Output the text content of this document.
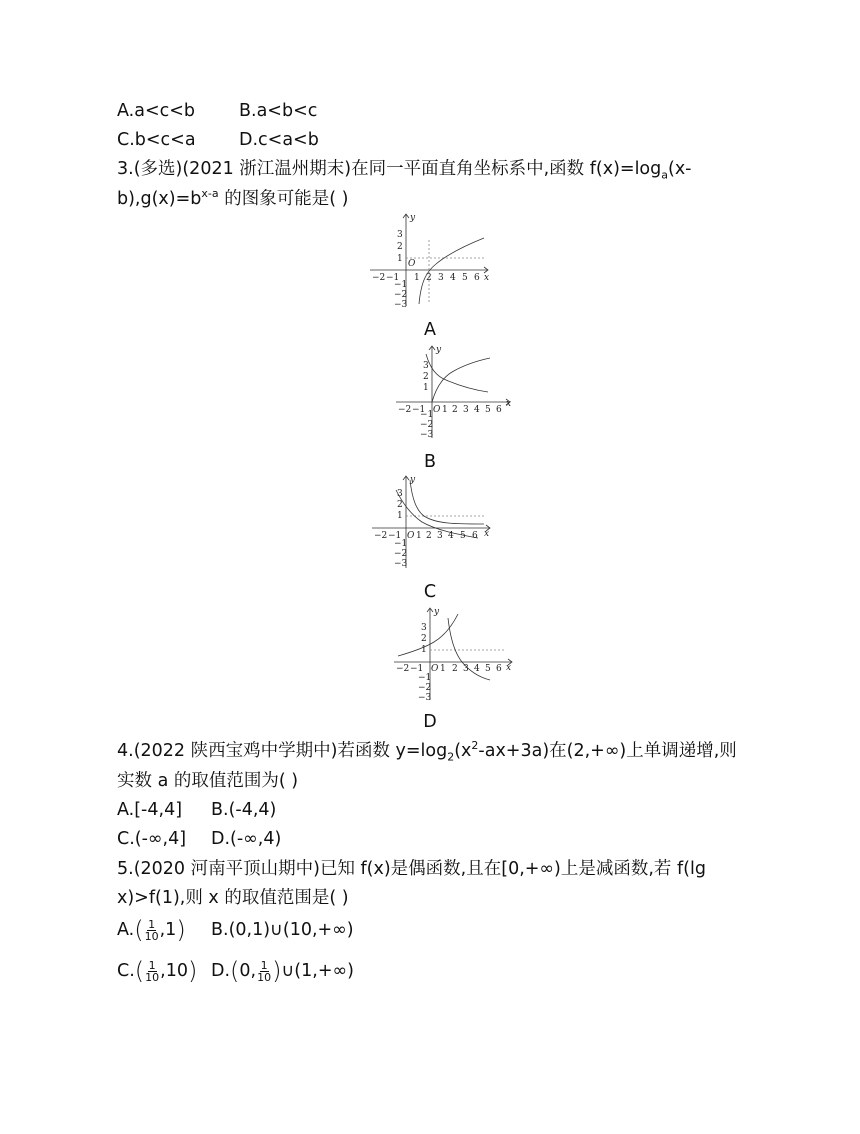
A.a<c<b	B.a<b<c
C.b<c<a D.c<a<b
3.(多选)(2021 浙江温州期末)在同一平面直角坐标系中,函数 $f(x)=\log_a(x-$
$b),g(x)=b^{x-a}$ 的图象可能是( )
y
x
O
−2 −1 1 2 3 4 5 6
3
2
1
−1
−2
−3
A
y
x
O
−2 −1 1 2 3 4 5 6
3
2
1
−1
−2
−3
B
y
x
O
−2 −1 1 2 3 4 5 6
3
2
1
−1
−2
−3
C
y
x
O
−2 −1 1 2 3 4 5 6
3
2
1
−1
−2
−3
D
4.(2022 陕西宝鸡中学期中)若函数 $y=\log_2(x^2-ax+3a)$在(2,+∞)上单调递增,则
实数 a 的取值范围为( )
A.[-4,4] B.(-4,4)
C.(-∞,4] D.(-∞,4)
5.(2020 河南平顶山期中)已知 f(x)是偶函数,且在[0,+∞)上是减函数,若 f(lg
x)>f(1),则 x 的取值范围是( )
$A.( \frac{1}{10} ,1)$ B.(0,1)∪(10,+∞)
$C.( \frac{1}{10} ,10)$ D.(0, $\frac{1}{10}$ )∪(1,+∞)
